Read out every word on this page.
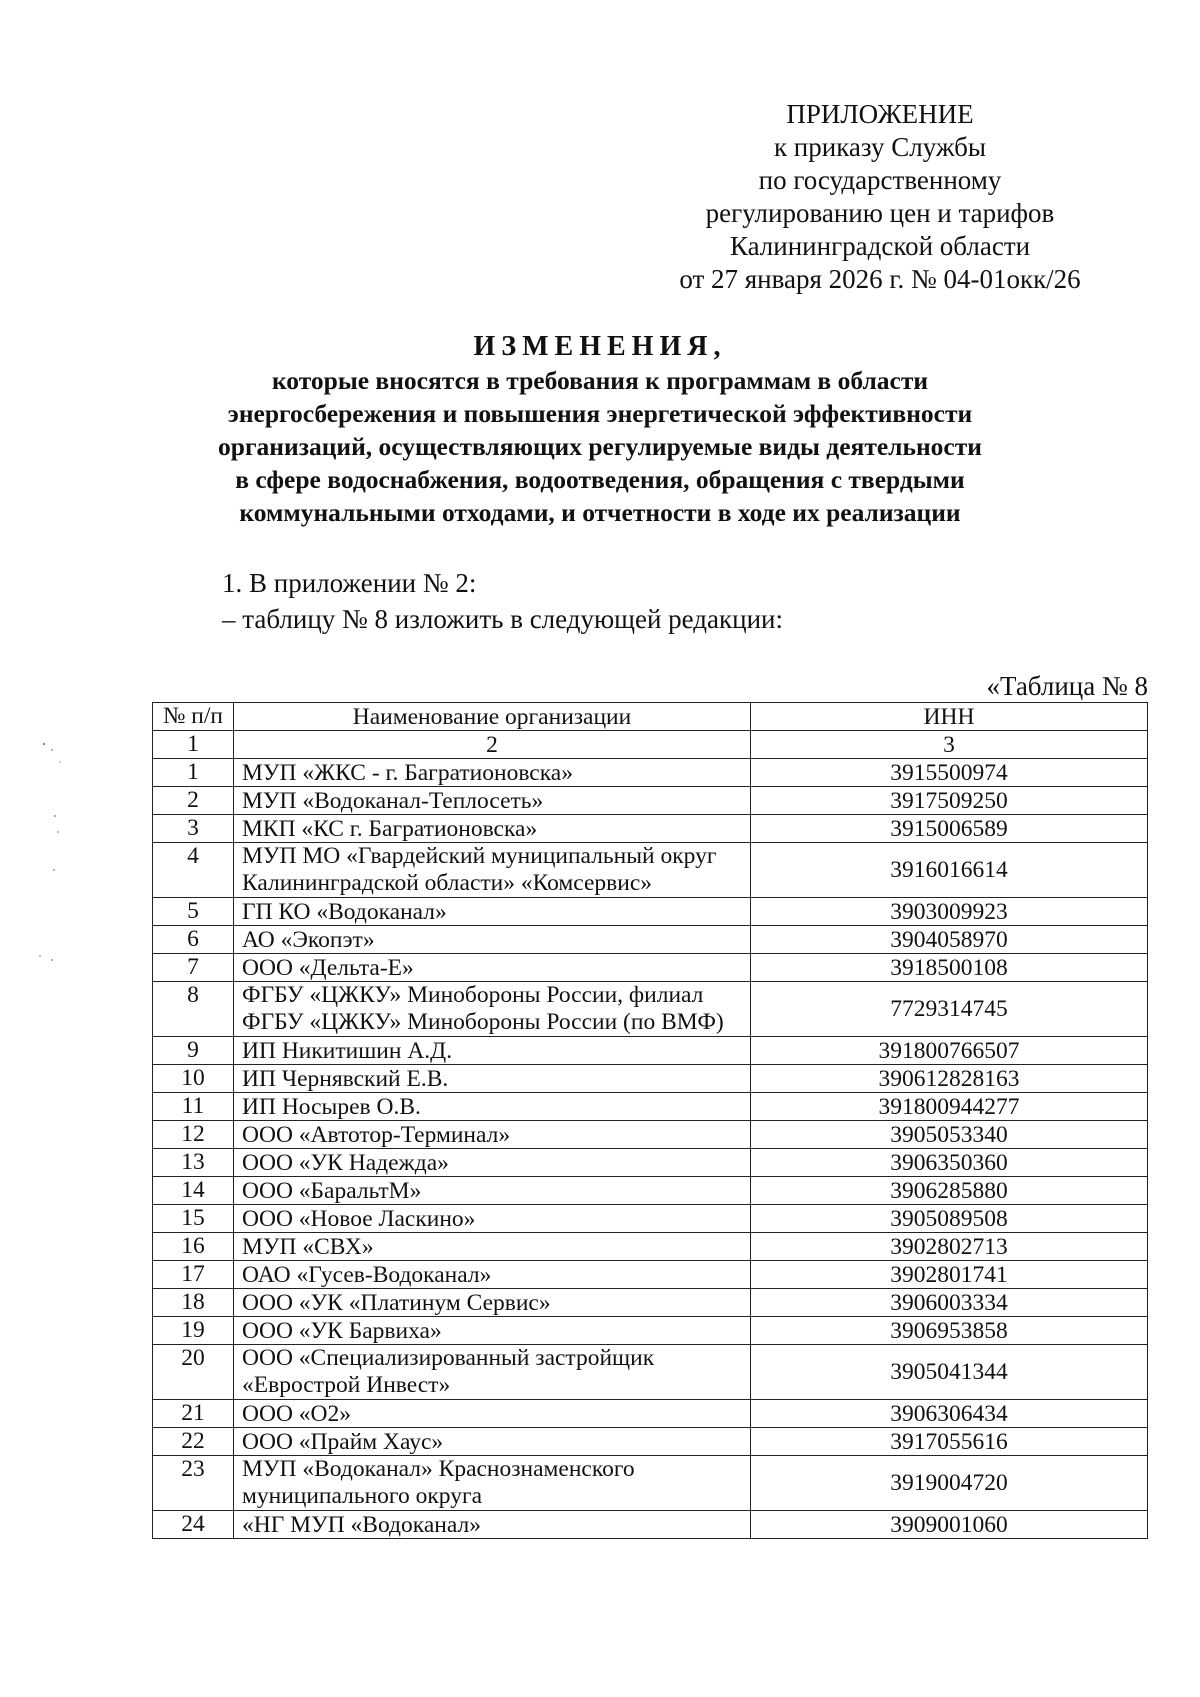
ПРИЛОЖЕНИЕ
к приказу Службы
по государственному
регулированию цен и тарифов
Калининградской области
от 27 января 2026 г. № 04-01окк/26
ИЗМЕНЕНИЯ,
которые вносятся в требования к программам в области
энергосбережения и повышения энергетической эффективности
организаций, осуществляющих регулируемые виды деятельности
в сфере водоснабжения, водоотведения, обращения с твердыми
коммунальными отходами, и отчетности в ходе их реализации
1. В приложении № 2:
– таблицу № 8 изложить в следующей редакции:
«Таблица № 8
№ п/п	Наименование организации	ИНН
1	2	3
1	МУП «ЖКС - г. Багратионовска»	3915500974
2	МУП «Водоканал-Теплосеть»	3917509250
3	МКП «КС г. Багратионовска»	3915006589
4	МУП МО «Гвардейский муниципальный округ
Калининградской области» «Комсервис»	3916016614
5	ГП КО «Водоканал»	3903009923
6	АО «Экопэт»	3904058970
7	ООО «Дельта-Е»	3918500108
8	ФГБУ «ЦЖКУ» Минобороны России, филиал
ФГБУ «ЦЖКУ» Минобороны России (по ВМФ)	7729314745
9	ИП Никитишин А.Д.	391800766507
10	ИП Чернявский Е.В.	390612828163
11	ИП Носырев О.В.	391800944277
12	ООО «Автотор-Терминал»	3905053340
13	ООО «УК Надежда»	3906350360
14	ООО «БаральтМ»	3906285880
15	ООО «Новое Ласкино»	3905089508
16	МУП «СВХ»	3902802713
17	ОАО «Гусев-Водоканал»	3902801741
18	ООО «УК «Платинум Сервис»	3906003334
19	ООО «УК Барвиха»	3906953858
20	ООО «Специализированный застройщик
«Еврострой Инвест»	3905041344
21	ООО «О2»	3906306434
22	ООО «Прайм Хаус»	3917055616
23	МУП «Водоканал» Краснознаменского
муниципального округа	3919004720
24	«НГ МУП «Водоканал»	3909001060
